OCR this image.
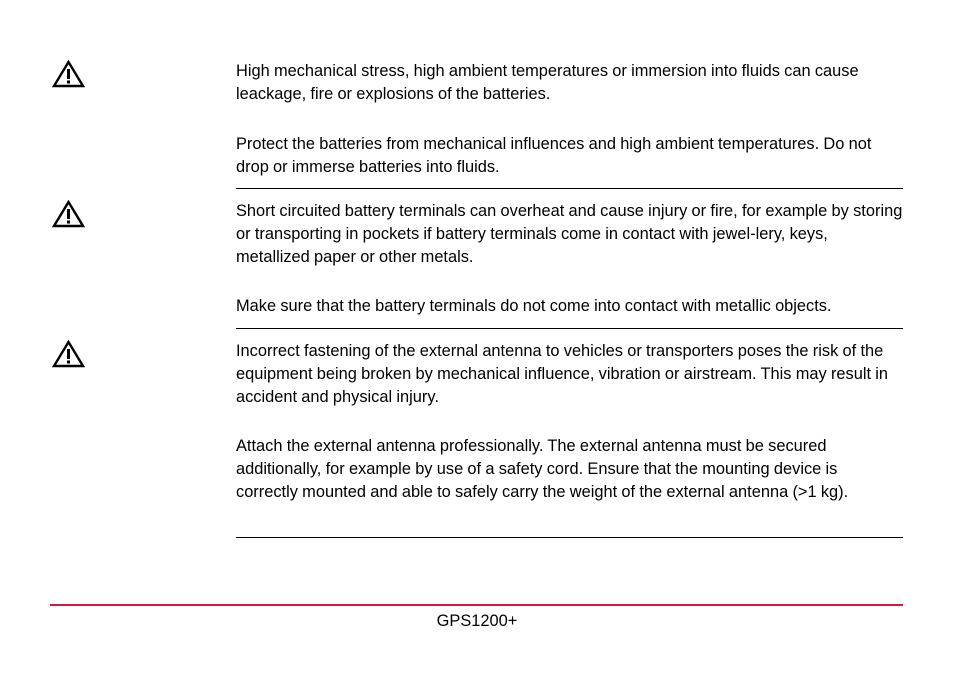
High mechanical stress, high ambient temperatures or immersion into fluids can cause leackage, fire or explosions of the batteries.

Protect the batteries from mechanical influences and high ambient temperatures. Do not drop or immerse batteries into fluids.

Short circuited battery terminals can overheat and cause injury or fire, for example by storing or transporting in pockets if battery terminals come in contact with jewel-lery, keys, metallized paper or other metals.

Make sure that the battery terminals do not come into contact with metallic objects.

Incorrect fastening of the external antenna to vehicles or transporters poses the risk of the equipment being broken by mechanical influence, vibration or airstream. This may result in accident and physical injury.

Attach the external antenna professionally. The external antenna must be secured additionally, for example by use of a safety cord. Ensure that the mounting device is correctly mounted and able to safely carry the weight of the external antenna (>1 kg).

GPS1200+
